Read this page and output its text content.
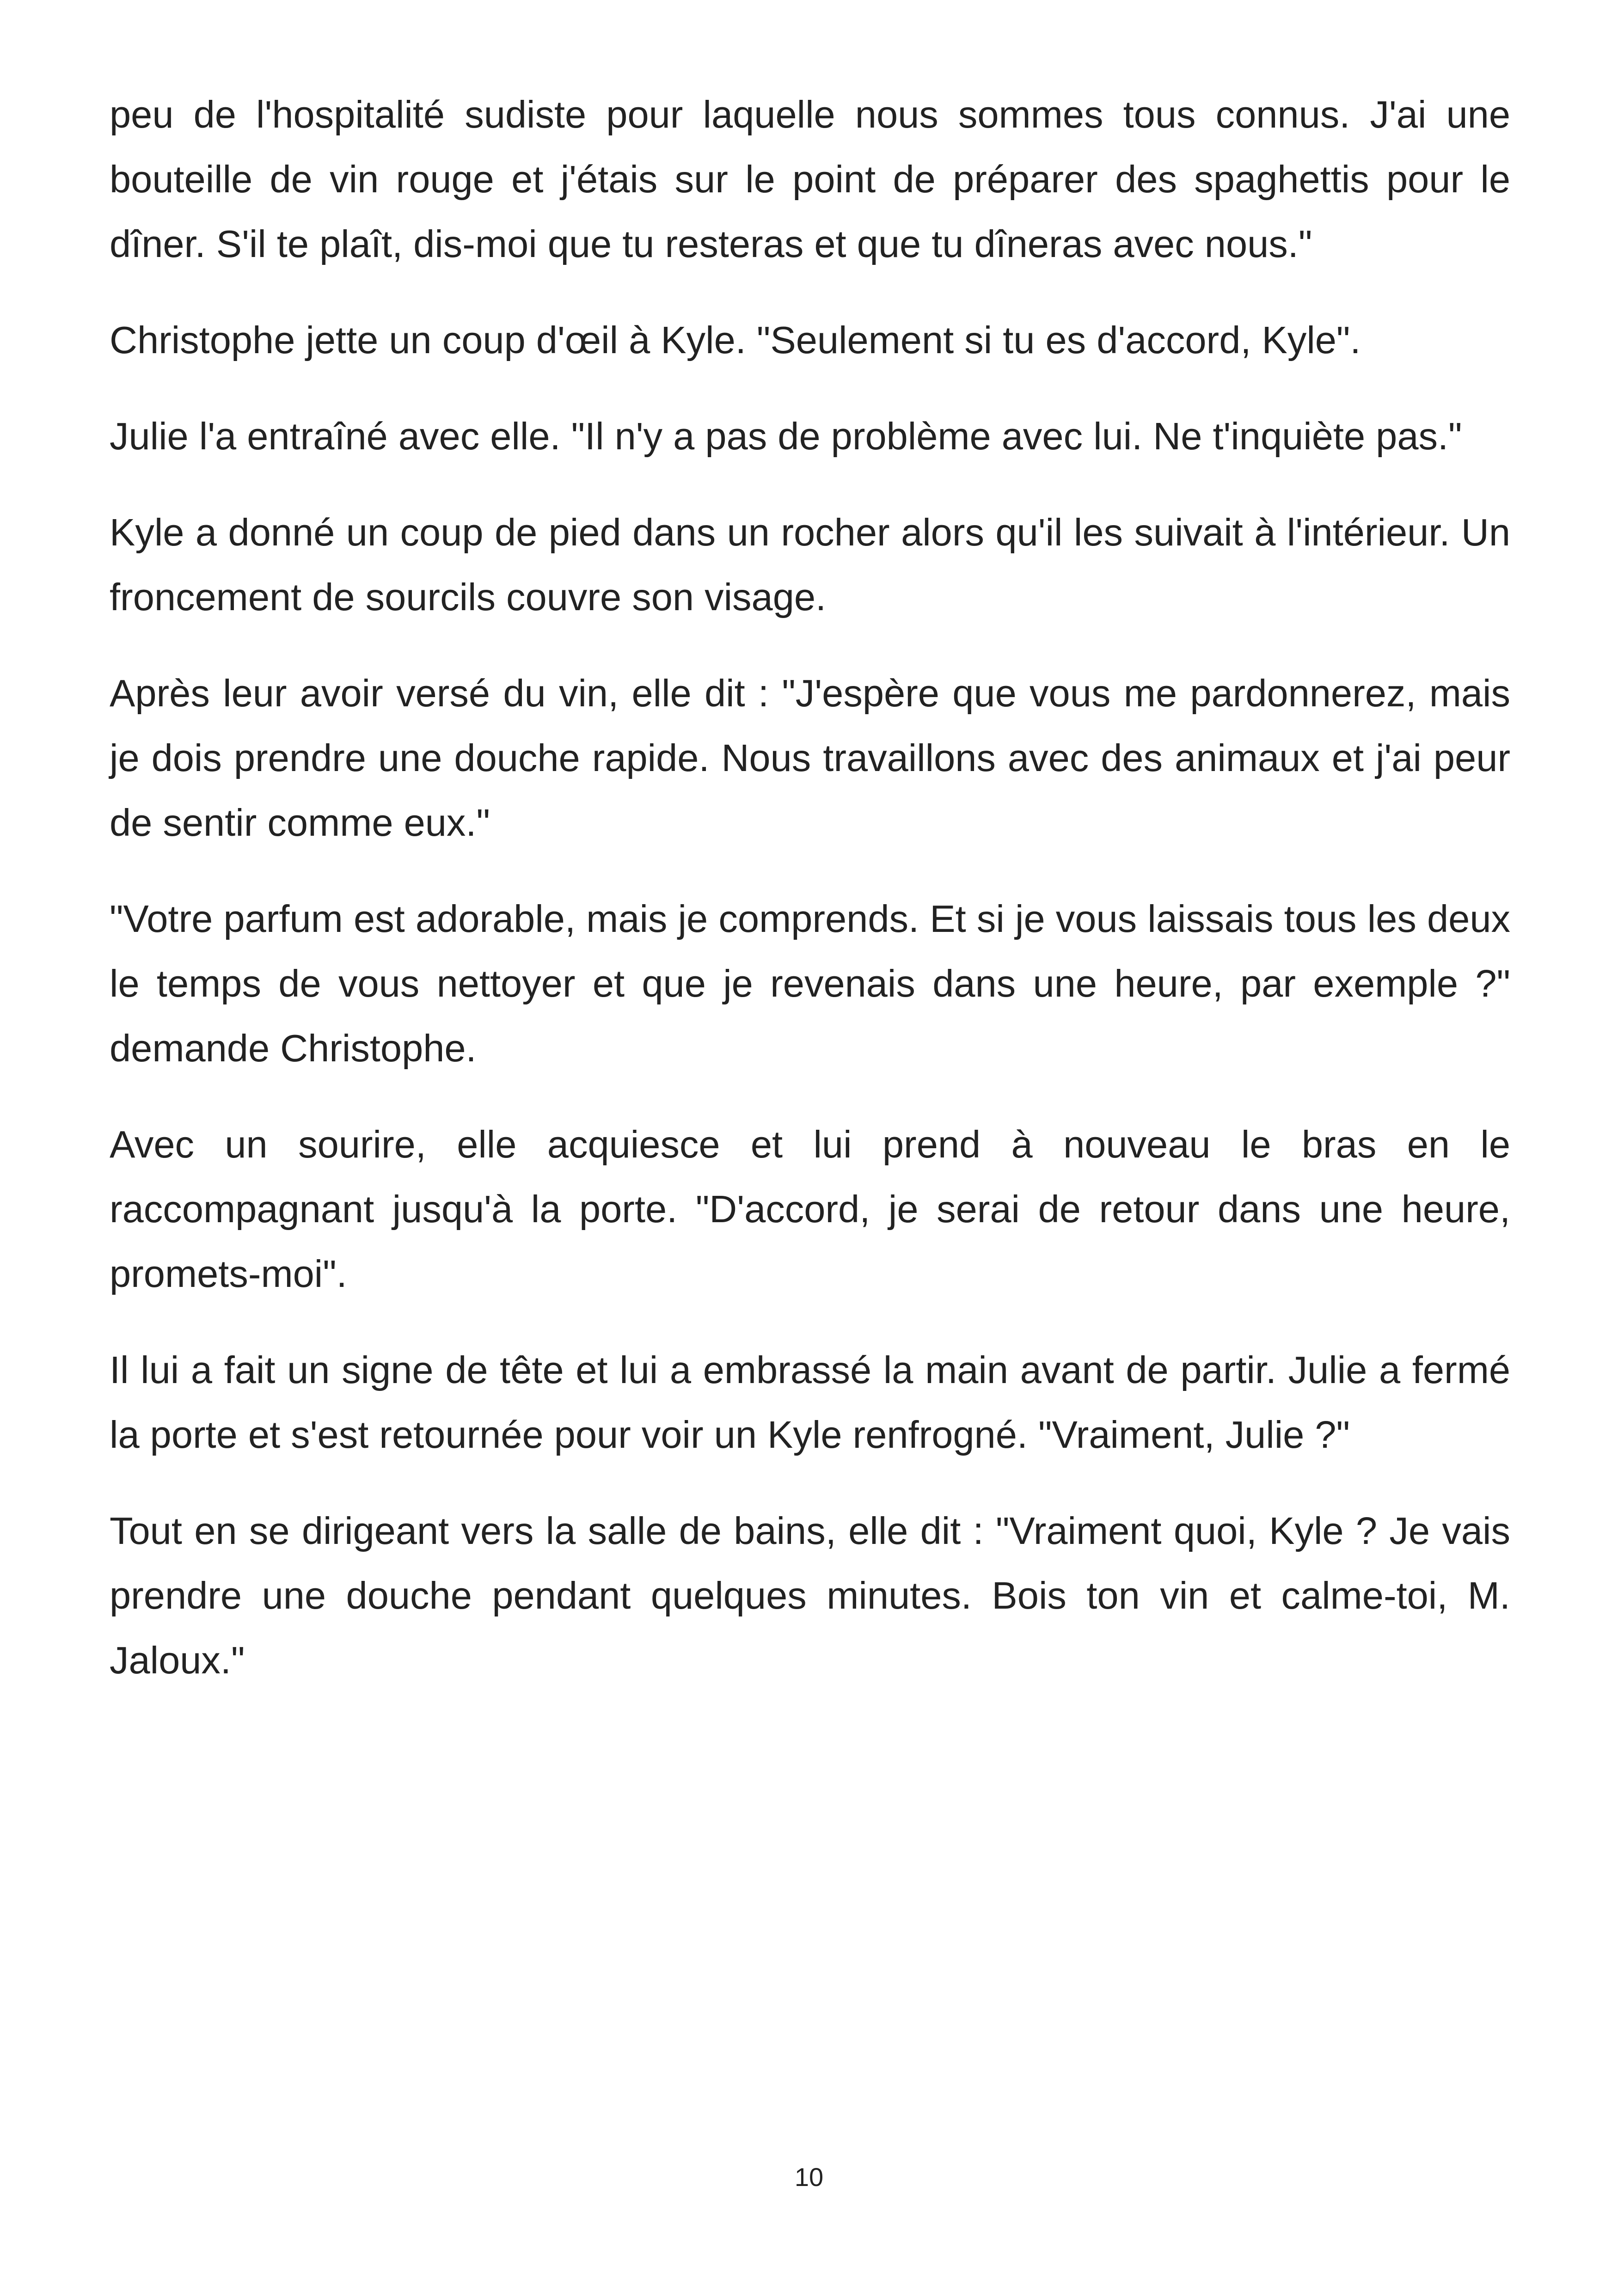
peu de l'hospitalité sudiste pour laquelle nous sommes tous connus. J'ai une bouteille de vin rouge et j'étais sur le point de préparer des spaghettis pour le dîner. S'il te plaît, dis-moi que tu resteras et que tu dîneras avec nous."

Christophe jette un coup d'œil à Kyle. "Seulement si tu es d'accord, Kyle".

Julie l'a entraîné avec elle. "Il n'y a pas de problème avec lui. Ne t'inquiète pas."

Kyle a donné un coup de pied dans un rocher alors qu'il les suivait à l'intérieur. Un froncement de sourcils couvre son visage.

Après leur avoir versé du vin, elle dit : "J'espère que vous me pardonnerez, mais je dois prendre une douche rapide. Nous travaillons avec des animaux et j'ai peur de sentir comme eux."

"Votre parfum est adorable, mais je comprends. Et si je vous laissais tous les deux le temps de vous nettoyer et que je revenais dans une heure, par exemple ?" demande Christophe.

Avec un sourire, elle acquiesce et lui prend à nouveau le bras en le raccompagnant jusqu'à la porte. "D'accord, je serai de retour dans une heure, promets-moi".

Il lui a fait un signe de tête et lui a embrassé la main avant de partir. Julie a fermé la porte et s'est retournée pour voir un Kyle renfrogné. "Vraiment, Julie ?"

Tout en se dirigeant vers la salle de bains, elle dit : "Vraiment quoi, Kyle ? Je vais prendre une douche pendant quelques minutes. Bois ton vin et calme-toi, M. Jaloux."

10
